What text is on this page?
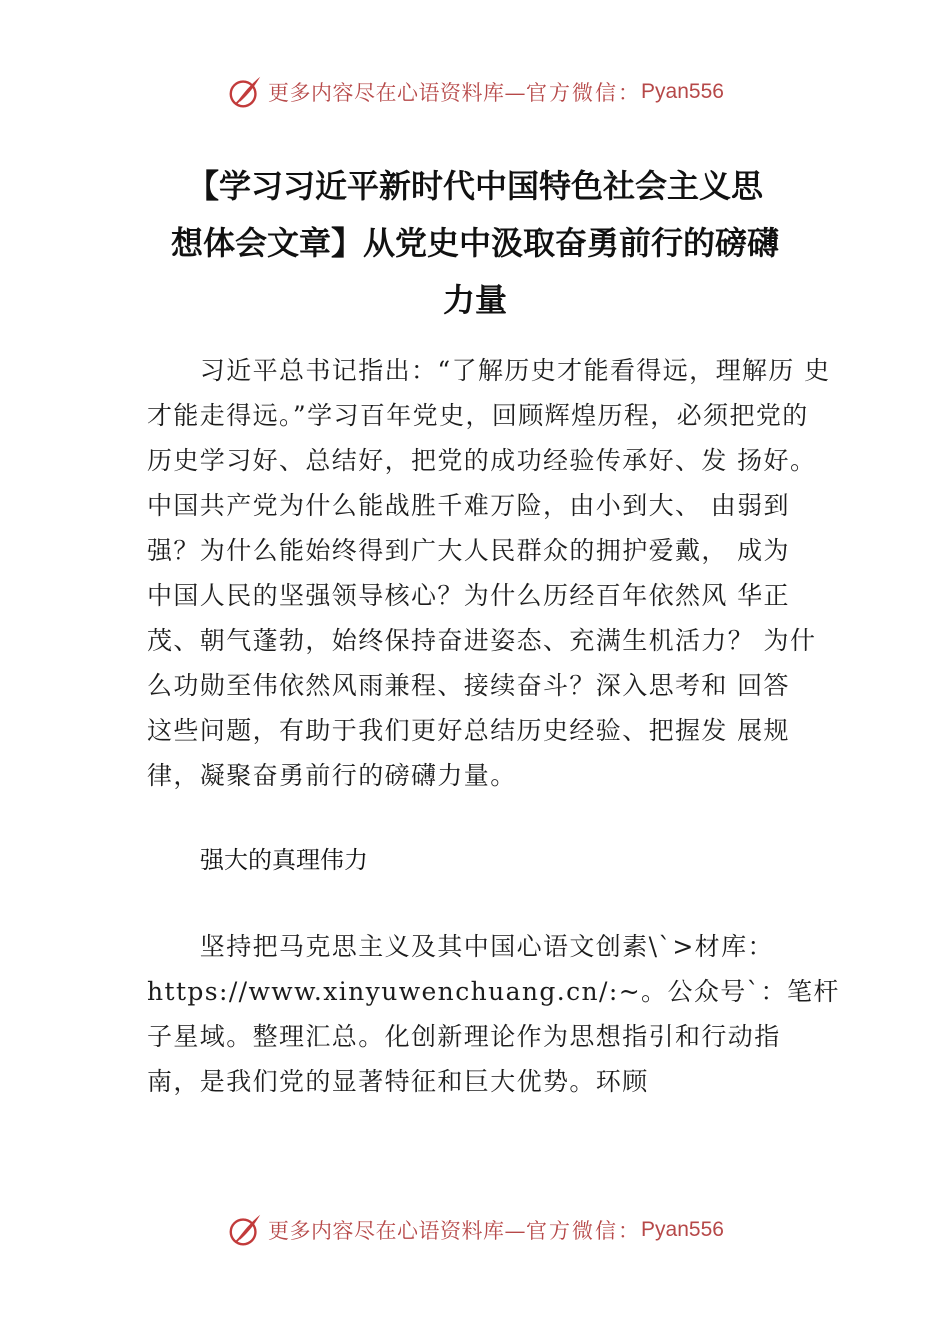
更多内容尽在心语资料库— 官方微信： Pyan556
【学习习近平新时代中国特色社会主义思
想体会文章】从党史中汲取奋勇前行的磅礴
力量
　　习近平总书记指出：“了解历史才能看得远，理解历 史
才能走得远。”学习百年党史，回顾辉煌历程，必须把党的
历史学习好、总结好，把党的成功经验传承好、发 扬好。
中国共产党为什么能战胜千难万险，由小到大、 由弱到
强？为什么能始终得到广大人民群众的拥护爱戴， 成为
中国人民的坚强领导核心？为什么历经百年依然风 华正
茂、朝气蓬勃，始终保持奋进姿态、充满生机活力？ 为什
么功勋至伟依然风雨兼程、接续奋斗？深入思考和 回答
这些问题，有助于我们更好总结历史经验、把握发 展规
律，凝聚奋勇前行的磅礴力量。
强大的真理伟力
　　坚持把马克思主义及其中国心语文创素\`>材库：
https://www.xinyuwenchuang.cn/:~。公众号`：笔杆
子星域。整理汇总。化创新理论作为思想指引和行动指
南，是我们党的显著特征和巨大优势。环顾
更多内容尽在心语资料库— 官方微信： Pyan556
